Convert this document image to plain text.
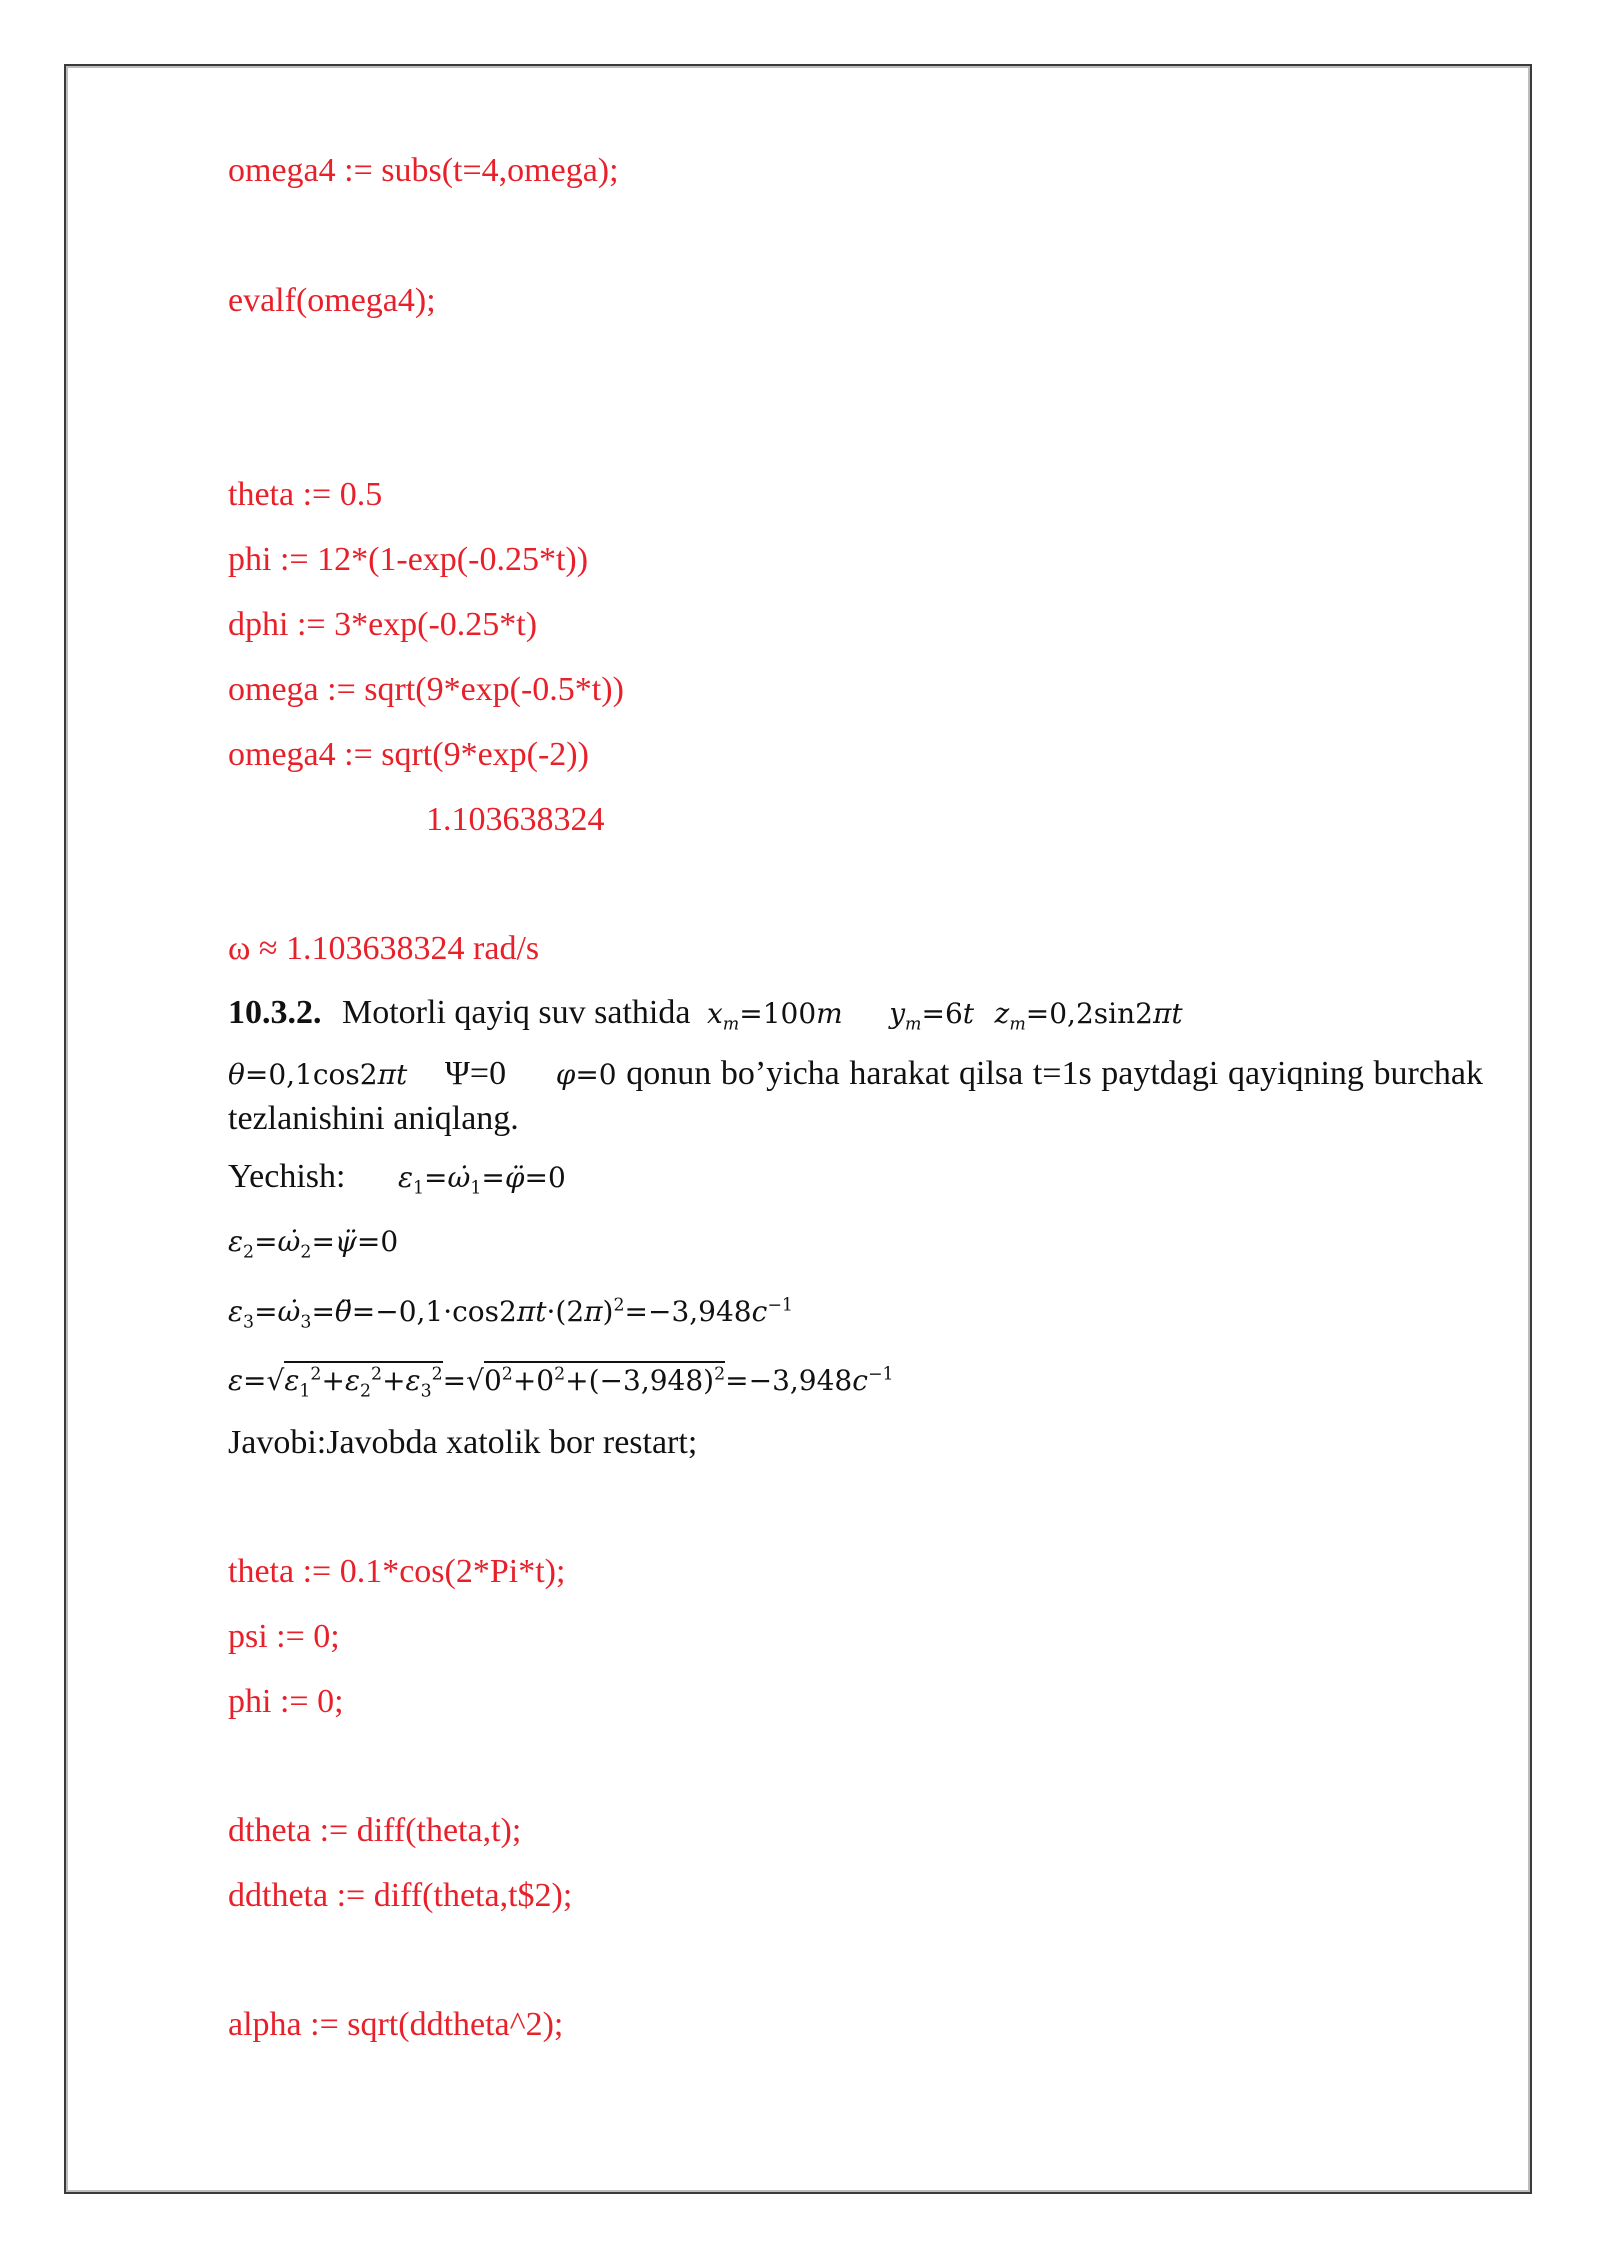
omega4 := subs(t=4,omega);
evalf(omega4);
theta := 0.5
phi := 12*(1-exp(-0.25*t))
dphi := 3*exp(-0.25*t)
omega := sqrt(9*exp(-0.5*t))
omega4 := sqrt(9*exp(-2))
1.103638324
ω ≈ 1.103638324 rad/s
10.3.2. Motorli qayiq suv sathida $x_m=100m$ $y_m=6t$ $z_m=0,2\sin 2\pi t$
θ=0,1cos2πt Ψ=0 φ=0 qonun bo’yicha harakat qilsa t=1s paytdagi qayiqning burchak tezlanishini aniqlang.
Yechish: $\varepsilon_1=\omegȧ_1=\varphï=0$
$\varepsilon_2=\omegȧ_2=\psï=0$
$\varepsilon_3=\omegȧ_3=\thetä=-0,1\cdot\cos 2\pi t\cdot(2\pi)^2=-3,948c^{-1}$
$\varepsilon=√\varepsilon_1^2+\varepsilon_2^2+\varepsilon_3^2=√0^2+0^2+(-3,948)^2=-3,948c^{-1}$
Javobi:Javobda xatolik bor restart;
theta := 0.1*cos(2*Pi*t);
psi := 0;
phi := 0;
dtheta := diff(theta,t);
ddtheta := diff(theta,t$2);
alpha := sqrt(ddtheta^2);
